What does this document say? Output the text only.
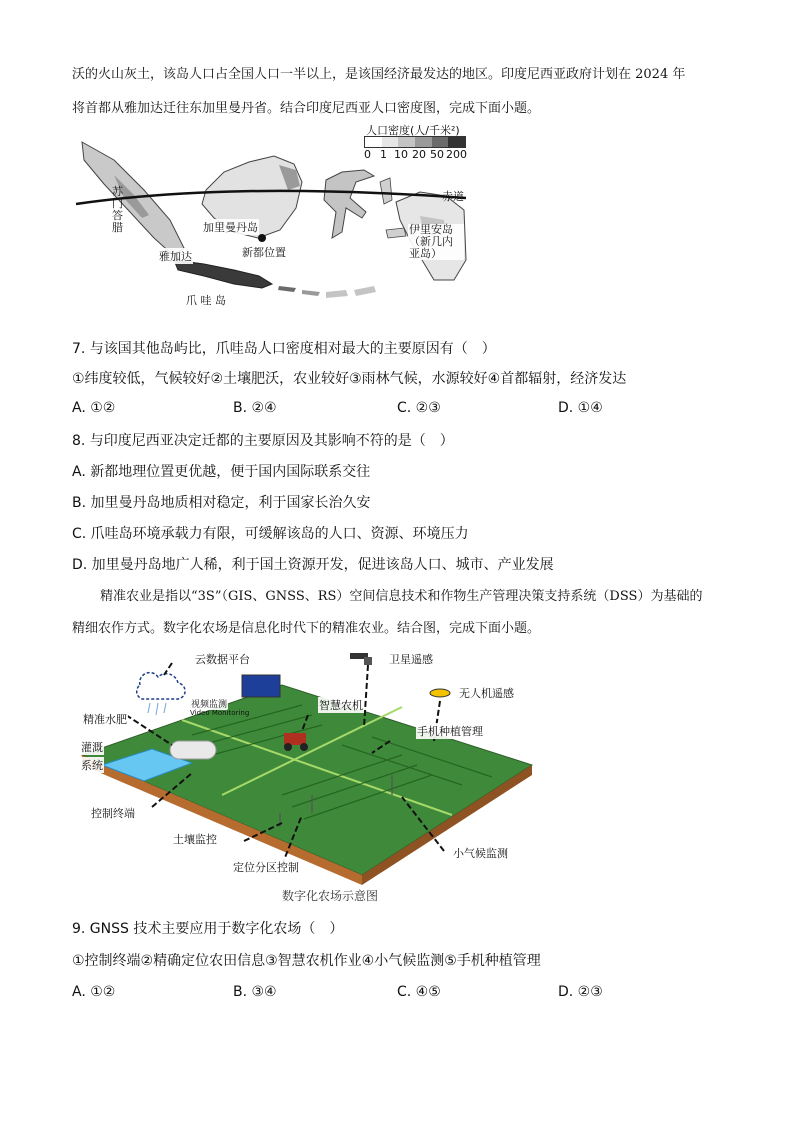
沃的火山灰土，该岛人口占全国人口一半以上，是该国经济最发达的地区。印度尼西亚政府计划在 2024 年
将首都从雅加达迁往东加里曼丹省。结合印度尼西亚人口密度图，完成下面小题。
人口密度(人/千米²)
0 1 10 20 50 200
赤道
加里曼丹岛
新都位置
雅加达
爪 哇 岛
苏 门 答 腊	伊里安岛（新几内亚岛）
7. 与该国其他岛屿比，爪哇岛人口密度相对最大的主要原因有（　）
①纬度较低，气候较好②土壤肥沃，农业较好③雨林气候，水源较好④首都辐射，经济发达
A. ①②	B. ②④	C. ②③	D. ①④
8. 与印度尼西亚决定迁都的主要原因及其影响不符的是（　）
A. 新都地理位置更优越，便于国内国际联系交往
B. 加里曼丹岛地质相对稳定，利于国家长治久安
C. 爪哇岛环境承载力有限，可缓解该岛的人口、资源、环境压力
D. 加里曼丹岛地广人稀，利于国土资源开发，促进该岛人口、城市、产业发展
精准农业是指以“3S”（GIS、GNSS、RS）空间信息技术和作物生产管理决策支持系统（DSS）为基础的
精细农作方式。数字化农场是信息化时代下的精准农业。结合图，完成下面小题。
云数据平台	卫星遥感
无人机遥感
精准水肥
视频监测
Video Monitoring
智慧农机
手机种植管理
灌溉
系统
控制终端
土壤监控
定位分区控制
小气候监测
数字化农场示意图
9. GNSS 技术主要应用于数字化农场（　）
①控制终端②精确定位农田信息③智慧农机作业④小气候监测⑤手机种植管理
A. ①②	B. ③④	C. ④⑤	D. ②③
